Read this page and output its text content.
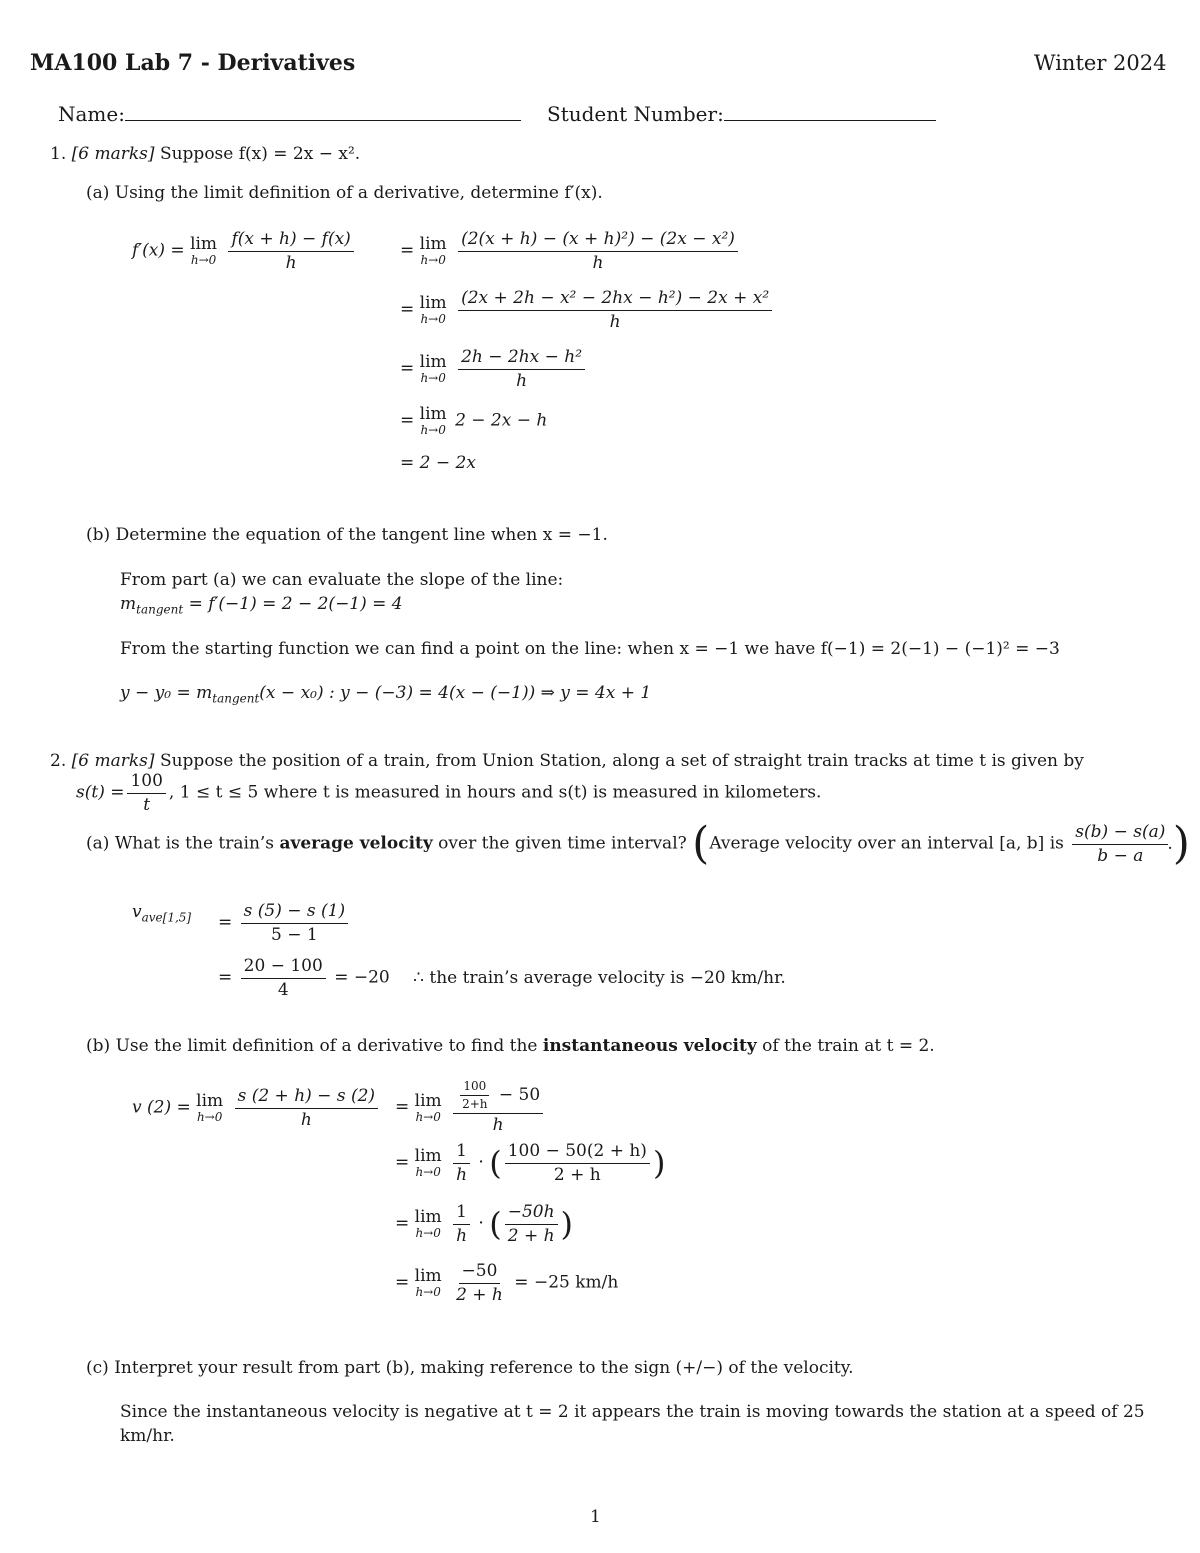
MA100 Lab 7 - Derivatives	Winter 2024
Name:	Student Number:
1. [6 marks] Suppose f(x) = 2x − x².
(a) Using the limit definition of a derivative, determine f′(x).
f′(x) = lim
h→0
$\frac{f(x + h) - f(x)}{h}$	= lim
h→0
$\frac{\text{(2(x + h) − (x + h)²) − (2x − x²)}}{h}$
= lim
h→0
$\frac{\text{(2x + 2h − x² − 2hx − h²) − 2x + x²}}{h}$
= lim
h→0
$\frac{\text{2h − 2hx − h²}}{h}$
= lim
h→0 2 − 2x − h
= 2 − 2x
(b) Determine the equation of the tangent line when x = −1.
From part (a) we can evaluate the slope of the line:
$m_{tangent} = f'(-1) = 2 - 2(-1) = 4$
From the starting function we can find a point on the line: when x = −1 we have f(−1) = 2(−1) − (−1)² = −3
$y - y_0 = m_{tangent}(x - x_0)$ : y − (−3) = 4(x − (−1)) ⇒ y = 4x + 1
2. [6 marks] Suppose the position of a train, from Union Station, along a set of straight train tracks at time t is given by
$s(t) = \frac{100}{t}$ , 1 ≤ t ≤ 5 where t is measured in hours and s(t) is measured in kilometers.
(a) What is the train’s average velocity over the given time interval? (Average velocity over an interval [a, b] is $\frac{s(b) - s(a)}{b - a}$ .)
$v_{ave[1,5]} = \frac{s (5) - s (1)}{5 - 1}$
= $\frac{20 - 100}{4} = -20$ ∴ the train’s average velocity is −20 km/hr.
(b) Use the limit definition of a derivative to find the instantaneous velocity of the train at t = 2.
v (2) = lim
h→0
$\frac{s (2 + h) - s (2)}{h} = \lim$
h→0
$\frac{\frac{100}{2+h} - 50}{h}$
= lim
h→0
$\frac{1}{h}$ · ( $\frac{100 - 50(2 + h)}{2 + h}$ )
= lim
h→0
$\frac{1}{h}$ · ( $\frac{-50h}{2 + h}$ )
= lim
h→0
$\frac{-50}{2 + h} = -25$ km/h
(c) Interpret your result from part (b), making reference to the sign (+/−) of the velocity.
Since the instantaneous velocity is negative at t = 2 it appears the train is moving towards the station at a speed of 25
km/hr.
1
